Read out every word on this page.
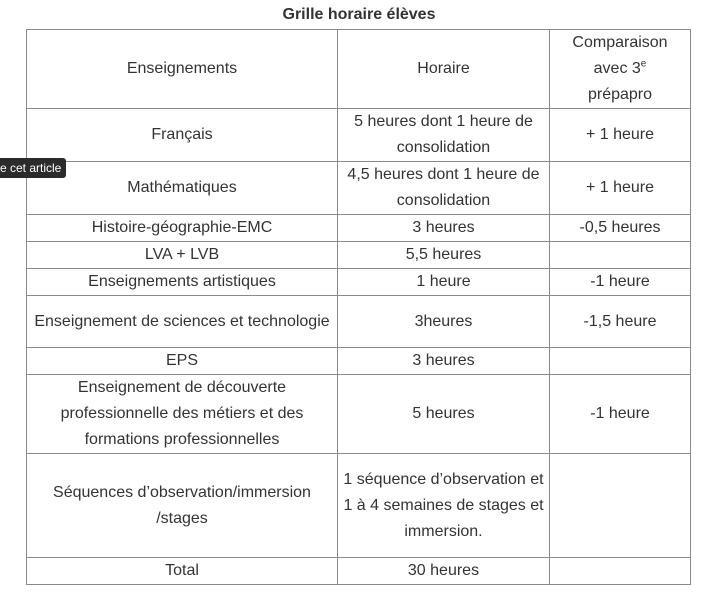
Grille horaire élèves
Enseignements	Horaire	Comparaison
avec 3e
prépapro
Français	5 heures dont 1 heure de consolidation	+ 1 heure
Mathématiques	4,5 heures dont 1 heure de consolidation	+ 1 heure
Histoire-géographie-EMC	3 heures	-0,5 heures
LVA + LVB	5,5 heures	
Enseignements artistiques	1 heure	-1 heure
Enseignement de sciences et technologie	3heures	-1,5 heure
EPS	3 heures	
Enseignement de découverte professionnelle des métiers et des formations professionnelles	5 heures	-1 heure
Séquences d’observation/immersion /stages	1 séquence d’observation et 1 à 4 semaines de stages et immersion.	
Total	30 heures	
e cet article
